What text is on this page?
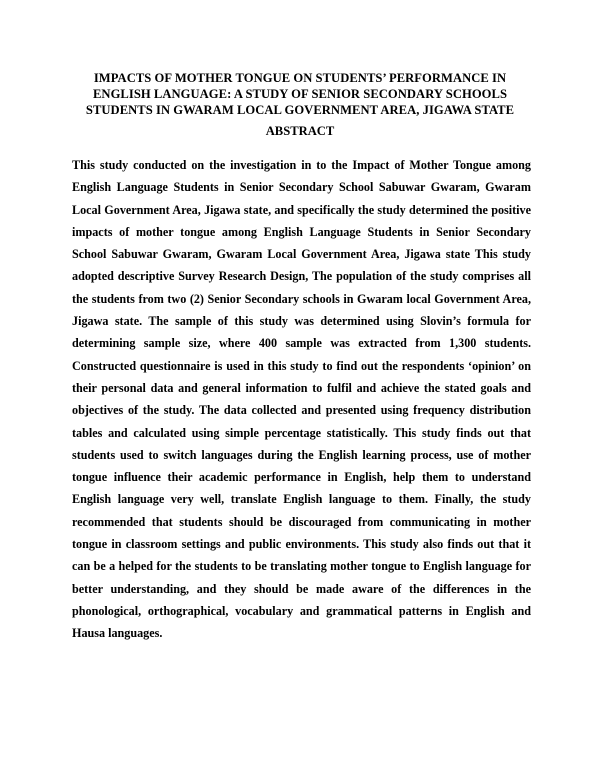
IMPACTS OF MOTHER TONGUE ON STUDENTS’ PERFORMANCE IN ENGLISH LANGUAGE: A STUDY OF SENIOR SECONDARY SCHOOLS STUDENTS IN GWARAM LOCAL GOVERNMENT AREA, JIGAWA STATE
ABSTRACT

This study conducted on the investigation in to the Impact of Mother Tongue among English Language Students in Senior Secondary School Sabuwar Gwaram, Gwaram Local Government Area, Jigawa state, and specifically the study determined the positive impacts of mother tongue among English Language Students in Senior Secondary School Sabuwar Gwaram, Gwaram Local Government Area, Jigawa state This study adopted descriptive Survey Research Design, The population of the study comprises all the students from two (2) Senior Secondary schools in Gwaram local Government Area, Jigawa state. The sample of this study was determined using Slovin’s formula for determining sample size, where 400 sample was extracted from 1,300 students. Constructed questionnaire is used in this study to find out the respondents ‘opinion’ on their personal data and general information to fulfil and achieve the stated goals and objectives of the study. The data collected and presented using frequency distribution tables and calculated using simple percentage statistically. This study finds out that students used to switch languages during the English learning process, use of mother tongue influence their academic performance in English, help them to understand English language very well, translate English language to them. Finally, the study recommended that students should be discouraged from communicating in mother tongue in classroom settings and public environments. This study also finds out that it can be a helped for the students to be translating mother tongue to English language for better understanding, and they should be made aware of the differences in the phonological, orthographical, vocabulary and grammatical patterns in English and Hausa languages.
